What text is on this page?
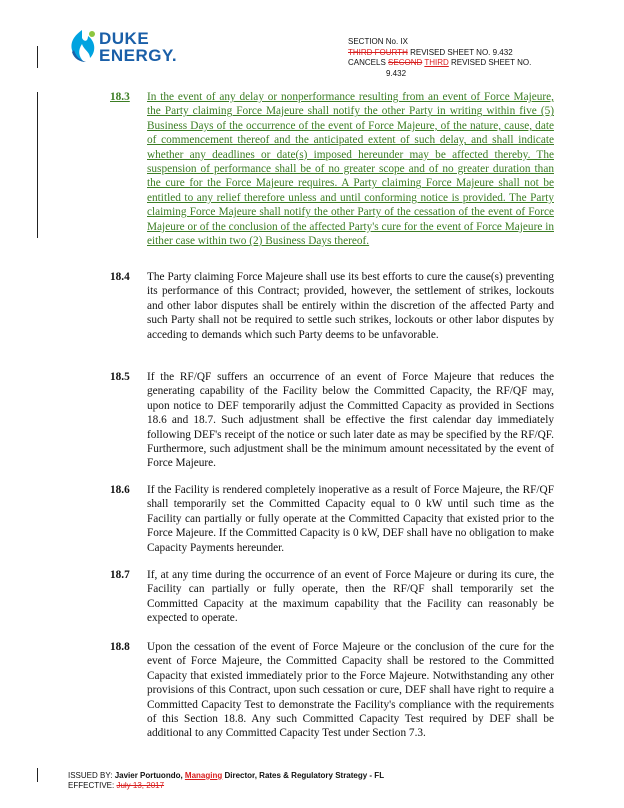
DUKE
ENERGY.
SECTION No. IX
THIRD FOURTH REVISED SHEET NO. 9.432
CANCELS SECOND THIRD REVISED SHEET NO.
9.432
18.3 In the event of any delay or nonperformance resulting from an event of Force Majeure, the Party claiming Force Majeure shall notify the other Party in writing within five (5) Business Days of the occurrence of the event of Force Majeure, of the nature, cause, date of commencement thereof and the anticipated extent of such delay, and shall indicate whether any deadlines or date(s) imposed hereunder may be affected thereby. The suspension of performance shall be of no greater scope and of no greater duration than the cure for the Force Majeure requires. A Party claiming Force Majeure shall not be entitled to any relief therefore unless and until conforming notice is provided. The Party claiming Force Majeure shall notify the other Party of the cessation of the event of Force Majeure or of the conclusion of the affected Party's cure for the event of Force Majeure in either case within two (2) Business Days thereof.
18.4 The Party claiming Force Majeure shall use its best efforts to cure the cause(s) preventing its performance of this Contract; provided, however, the settlement of strikes, lockouts and other labor disputes shall be entirely within the discretion of the affected Party and such Party shall not be required to settle such strikes, lockouts or other labor disputes by acceding to demands which such Party deems to be unfavorable.
18.5 If the RF/QF suffers an occurrence of an event of Force Majeure that reduces the generating capability of the Facility below the Committed Capacity, the RF/QF may, upon notice to DEF temporarily adjust the Committed Capacity as provided in Sections 18.6 and 18.7. Such adjustment shall be effective the first calendar day immediately following DEF's receipt of the notice or such later date as may be specified by the RF/QF. Furthermore, such adjustment shall be the minimum amount necessitated by the event of Force Majeure.
18.6 If the Facility is rendered completely inoperative as a result of Force Majeure, the RF/QF shall temporarily set the Committed Capacity equal to 0 kW until such time as the Facility can partially or fully operate at the Committed Capacity that existed prior to the Force Majeure. If the Committed Capacity is 0 kW, DEF shall have no obligation to make Capacity Payments hereunder.
18.7 If, at any time during the occurrence of an event of Force Majeure or during its cure, the Facility can partially or fully operate, then the RF/QF shall temporarily set the Committed Capacity at the maximum capability that the Facility can reasonably be expected to operate.
18.8 Upon the cessation of the event of Force Majeure or the conclusion of the cure for the event of Force Majeure, the Committed Capacity shall be restored to the Committed Capacity that existed immediately prior to the Force Majeure. Notwithstanding any other provisions of this Contract, upon such cessation or cure, DEF shall have right to require a Committed Capacity Test to demonstrate the Facility's compliance with the requirements of this Section 18.8. Any such Committed Capacity Test required by DEF shall be additional to any Committed Capacity Test under Section 7.3.
ISSUED BY: Javier Portuondo, Managing Director, Rates & Regulatory Strategy - FL
EFFECTIVE: July 13, 2017
